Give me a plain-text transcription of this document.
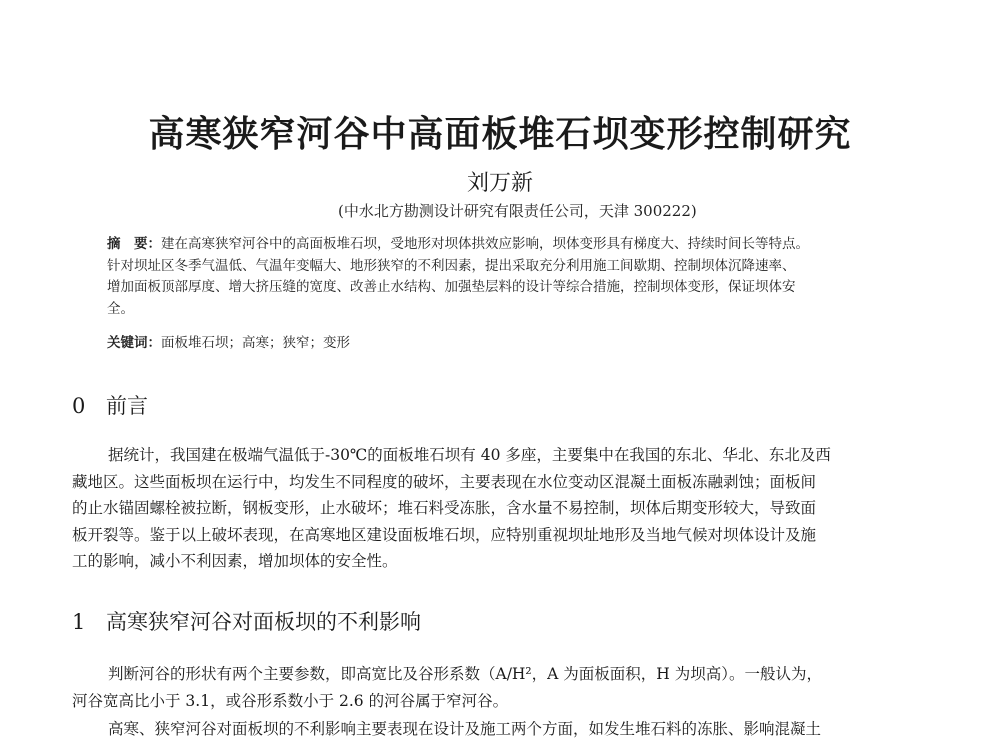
高寒狭窄河谷中高面板堆石坝变形控制研究
刘万新
(中水北方勘测设计研究有限责任公司，天津 300222)
摘　要：建在高寒狭窄河谷中的高面板堆石坝，受地形对坝体拱效应影响，坝体变形具有梯度大、持续时间长等特点。
针对坝址区冬季气温低、气温年变幅大、地形狭窄的不利因素，提出采取充分利用施工间歇期、控制坝体沉降速率、
增加面板顶部厚度、增大挤压缝的宽度、改善止水结构、加强垫层料的设计等综合措施，控制坝体变形，保证坝体安
全。
关键词：面板堆石坝；高寒；狭窄；变形
0 前言
据统计，我国建在极端气温低于-30℃的面板堆石坝有 40 多座，主要集中在我国的东北、华北、东北及西
藏地区。这些面板坝在运行中，均发生不同程度的破坏，主要表现在水位变动区混凝土面板冻融剥蚀；面板间
的止水锚固螺栓被拉断，钢板变形，止水破坏；堆石料受冻胀，含水量不易控制，坝体后期变形较大，导致面
板开裂等。鉴于以上破坏表现，在高寒地区建设面板堆石坝，应特别重视坝址地形及当地气候对坝体设计及施
工的影响，减小不利因素，增加坝体的安全性。
1 高寒狭窄河谷对面板坝的不利影响
判断河谷的形状有两个主要参数，即高宽比及谷形系数（A/H²，A 为面板面积，H 为坝高）。一般认为，
河谷宽高比小于 3.1，或谷形系数小于 2.6 的河谷属于窄河谷。
高寒、狭窄河谷对面板坝的不利影响主要表现在设计及施工两个方面，如发生堆石料的冻胀、影响混凝土
